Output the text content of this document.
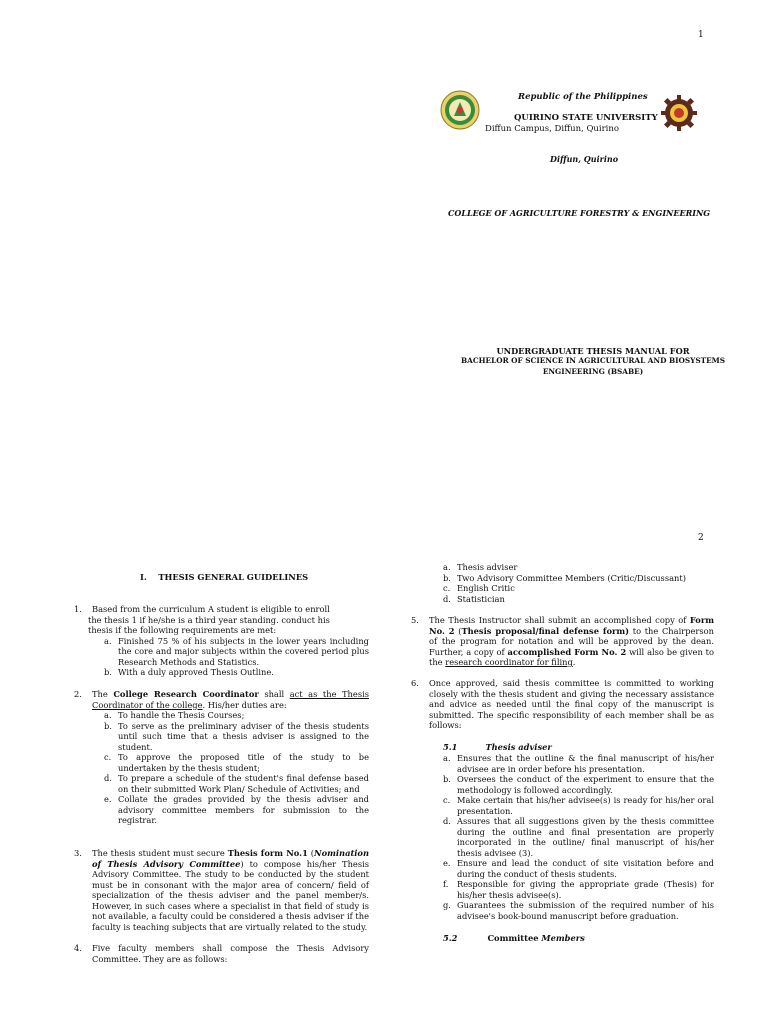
1
Republic of the Philippines
QUIRINO STATE UNIVERSITY
Diffun Campus, Diffun, Quirino
Diffun, Quirino
COLLEGE OF AGRICULTURE FORESTRY & ENGINEERING
UNDERGRADUATE THESIS MANUAL FOR
BACHELOR OF SCIENCE IN AGRICULTURAL AND BIOSYSTEMS
ENGINEERING (BSABE)
2
I. THESIS GENERAL GUIDELINES
1.	Based from the curriculum A student is eligible to enroll
the thesis 1 if he/she is a third year standing. conduct his
thesis if the following requirements are met:
a. Finished 75 % of his subjects in the lower years including the core and major subjects within the covered period plus Research Methods and Statistics.
b. With a duly approved Thesis Outline.
2.	The College Research Coordinator shall act as the Thesis Coordinator of the college. His/her duties are:
a. To handle the Thesis Courses;
b. To serve as the preliminary adviser of the thesis students until such time that a thesis adviser is assigned to the student.
c. To approve the proposed title of the study to be undertaken by the thesis student;
d. To prepare a schedule of the student's final defense based on their submitted Work Plan/ Schedule of Activities; and
e. Collate the grades provided by the thesis adviser and advisory committee members for submission to the registrar.
3.	The thesis student must secure Thesis form No.1 (Nomination of Thesis Advisory Committee) to compose his/her Thesis Advisory Committee. The study to be conducted by the student must be in consonant with the major area of concern/ field of specialization of the thesis adviser and the panel member/s. However, in such cases where a specialist in that field of study is not available, a faculty could be considered a thesis adviser if the faculty is teaching subjects that are virtually related to the study.
4.	Five faculty members shall compose the Thesis Advisory Committee. They are as follows:
a. Thesis adviser
b. Two Advisory Committee Members (Critic/Discussant)
c. English Critic
d. Statistician
5.	The Thesis Instructor shall submit an accomplished copy of Form No. 2 (Thesis proposal/final defense form) to the Chairperson of the program for notation and will be approved by the dean. Further, a copy of accomplished Form No. 2 will also be given to the research coordinator for filing.
6.	Once approved, said thesis committee is committed to working closely with the thesis student and giving the necessary assistance and advice as needed until the final copy of the manuscript is submitted. The specific responsibility of each member shall be as follows:
5.1	Thesis adviser
a. Ensures that the outline & the final manuscript of his/her advisee are in order before his presentation.
b. Oversees the conduct of the experiment to ensure that the methodology is followed accordingly.
c. Make certain that his/her advisee(s) is ready for his/her oral presentation.
d. Assures that all suggestions given by the thesis committee during the outline and final presentation are properly incorporated in the outline/ final manuscript of his/her thesis advisee (3).
e. Ensure and lead the conduct of site visitation before and during the conduct of thesis students.
f.	Responsible for giving the appropriate grade (Thesis) for his/her thesis advisee(s).
g. Guarantees the submission of the required number of his advisee's book-bound manuscript before graduation.
5.2	Committee Members
